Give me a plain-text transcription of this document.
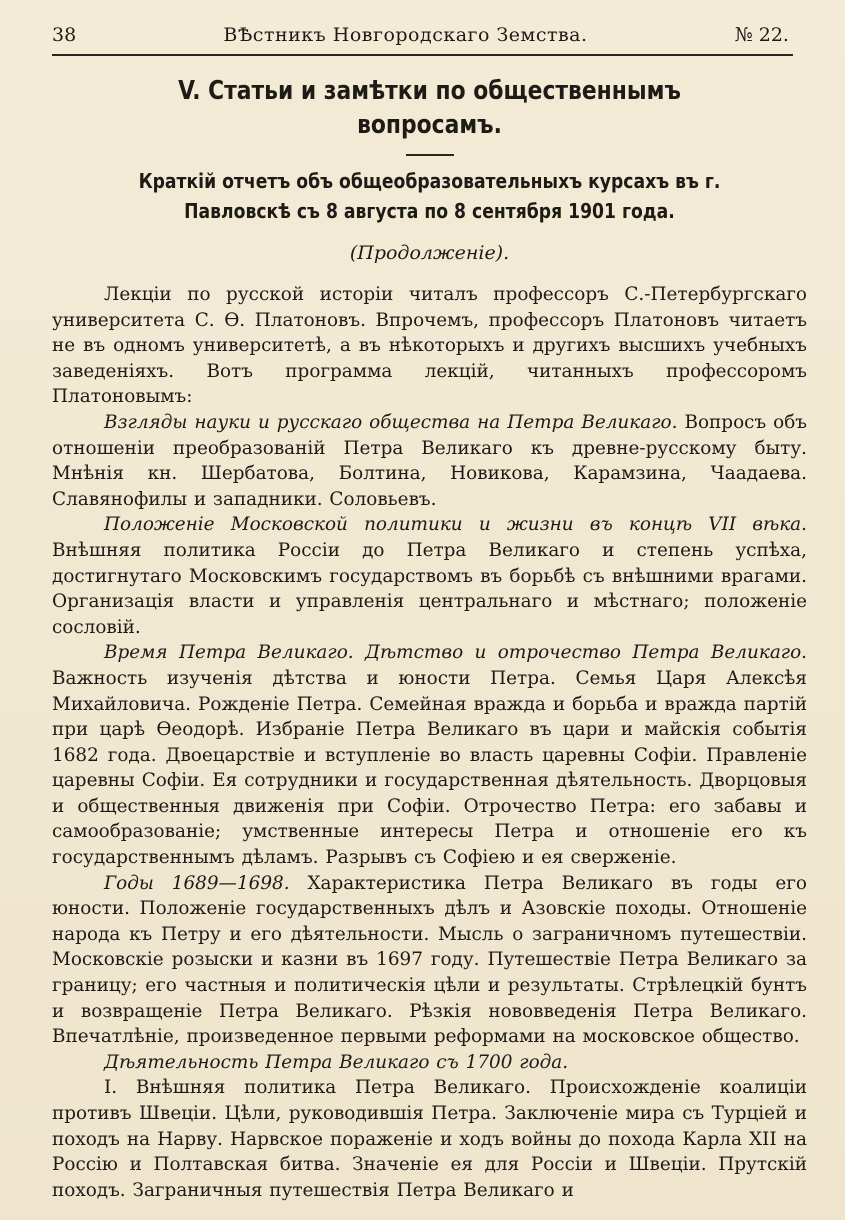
38	ВѢстникъ Новгородскаго Земства.	№ 22.
V. Статьи и замѣтки по общественнымъ вопросамъ.
Краткій отчетъ объ общеобразовательныхъ курсахъ въ г. Павловскѣ съ 8 августа по 8 сентября 1901 года.
(Продолженіе).

Лекціи по русской исторіи читалъ профессоръ С.-Петербургскаго университета С. Ѳ. Платоновъ. Впрочемъ, профессоръ Платоновъ читаетъ не въ одномъ университетѣ, а въ нѣкоторыхъ и другихъ высшихъ учебныхъ заведеніяхъ. Вотъ программа лекцій, читанныхъ профессоромъ Платоновымъ:

Взгляды науки и русскаго общества на Петра Великаго. Вопросъ объ отношеніи преобразованій Петра Великаго къ древне-русскому быту. Мнѣнія кн. Шербатова, Болтина, Новикова, Карамзина, Чаадаева. Славянофилы и западники. Соловьевъ.

Положеніе Московской политики и жизни въ концѣ VII вѣка. Внѣшняя политика Россіи до Петра Великаго и степень успѣха, достигнутаго Московскимъ государствомъ въ борьбѣ съ внѣшними врагами. Организація власти и управленія центральнаго и мѣстнаго; положеніе сословій.

Время Петра Великаго. Дѣтство и отрочество Петра Великаго. Важность изученія дѣтства и юности Петра. Семья Царя Алексѣя Михайловича. Рожденіе Петра. Семейная вражда и борьба и вражда партій при царѣ Ѳеодорѣ. Избраніе Петра Великаго въ цари и майскія событія 1682 года. Двоецарствіе и вступленіе во власть царевны Софіи. Правленіе царевны Софіи. Ея сотрудники и государственная дѣятельность. Дворцовыя и общественныя движенія при Софіи. Отрочество Петра: его забавы и самообразованіе; умственные интересы Петра и отношеніе его къ государственнымъ дѣламъ. Разрывъ съ Софіею и ея сверженіе.

Годы 1689—1698. Характеристика Петра Великаго въ годы его юности. Положеніе государственныхъ дѣлъ и Азовскіе походы. Отношеніе народа къ Петру и его дѣятельности. Мысль о заграничномъ путешествіи. Московскіе розыски и казни въ 1697 году. Путешествіе Петра Великаго за границу; его частныя и политическія цѣли и результаты. Стрѣлецкій бунтъ и возвращеніе Петра Великаго. Рѣзкія нововведенія Петра Великаго. Впечатлѣніе, произведенное первыми реформами на московское общество.

Дѣятельность Петра Великаго съ 1700 года.

I. Внѣшняя политика Петра Великаго. Происхожденіе коалиціи противъ Швеціи. Цѣли, руководившія Петра. Заключеніе мира съ Турціей и походъ на Нарву. Нарвское пораженіе и ходъ войны до похода Карла XII на Россію и Полтавская битва. Значеніе ея для Россіи и Швеціи. Прутскій походъ. Заграничныя путешествія Петра Великаго и
